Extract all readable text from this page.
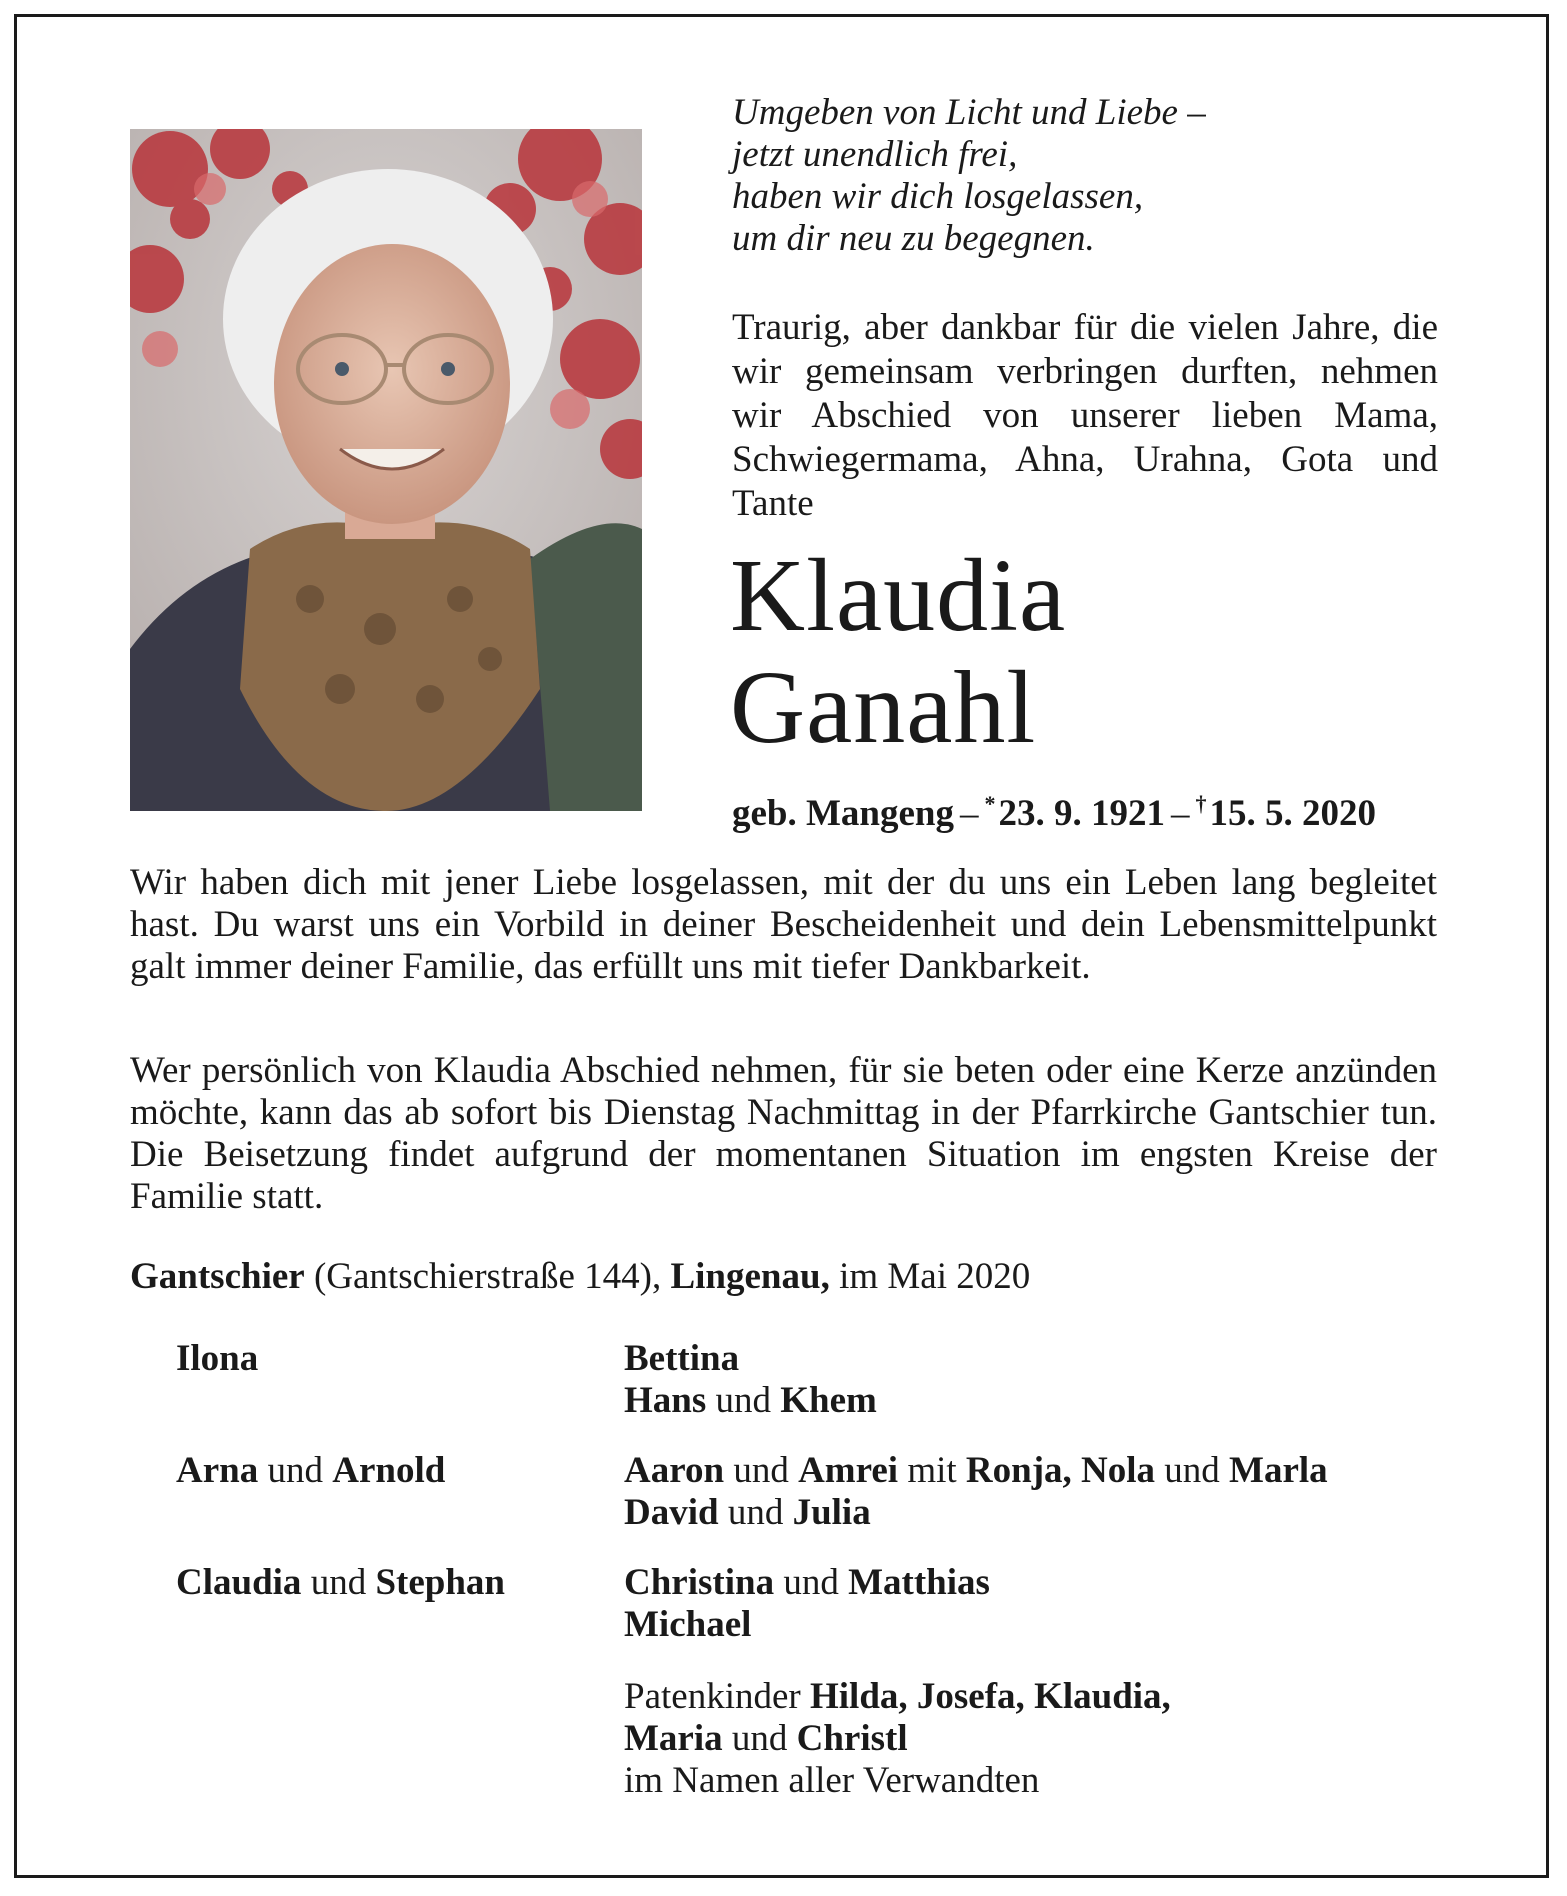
Umgeben von Licht und Liebe –
jetzt unendlich frei,
haben wir dich losgelassen,
um dir neu zu begegnen.
Traurig, aber dankbar für die vielen Jahre, die wir gemeinsam verbringen durften, nehmen wir Abschied von unserer lieben Mama, Schwiegermama, Ahna, Urahna, Gota und Tante
Klaudia
Ganahl
geb. Mangeng – *23. 9. 1921 – †15. 5. 2020

Wir haben dich mit jener Liebe losgelassen, mit der du uns ein Leben lang begleitet hast. Du warst uns ein Vorbild in deiner Bescheidenheit und dein Lebensmittelpunkt galt immer deiner Familie, das erfüllt uns mit tiefer Dankbarkeit.

Wer persönlich von Klaudia Abschied nehmen, für sie beten oder eine Kerze anzünden möchte, kann das ab sofort bis Dienstag Nachmittag in der Pfarrkirche Gantschier tun. Die Beisetzung findet aufgrund der momentanen Situation im engsten Kreise der Familie statt.

Gantschier (Gantschierstraße 144), Lingenau, im Mai 2020
Ilona	Bettina
Hans und Khem
Arna und Arnold	Aaron und Amrei mit Ronja, Nola und Marla
David und Julia
Claudia und Stephan	Christina und Matthias
Michael
Patenkinder Hilda, Josefa, Klaudia,
Maria und Christl
im Namen aller Verwandten
